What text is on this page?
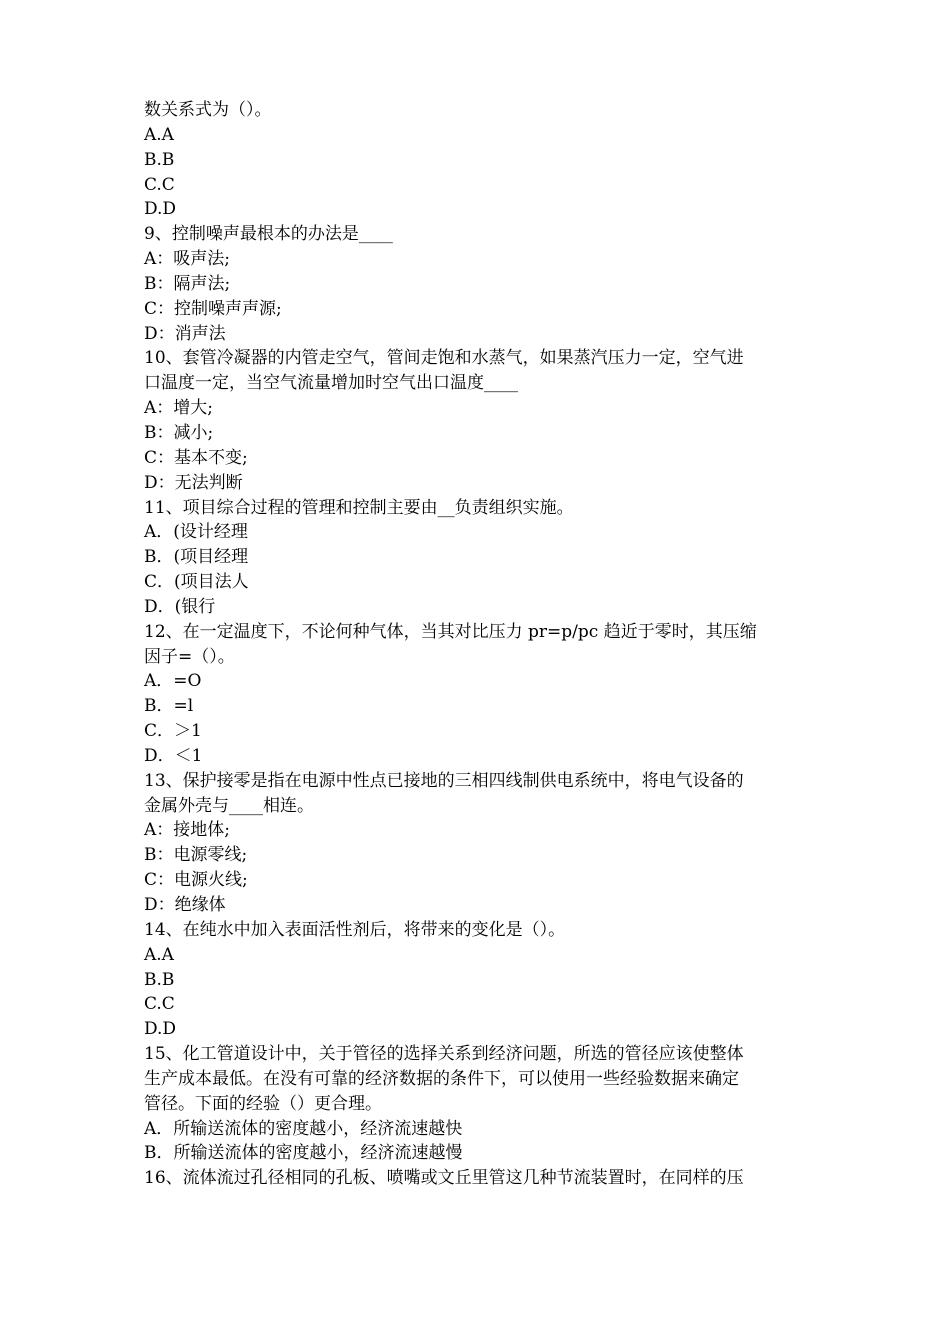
数关系式为（）。
A.A
B.B
C.C
D.D
9、控制噪声最根本的办法是____
A：吸声法;
B：隔声法;
C：控制噪声声源;
D：消声法
10、套管冷凝器的内管走空气，管间走饱和水蒸气，如果蒸汽压力一定，空气进
口温度一定，当空气流量增加时空气出口温度____
A：增大;
B：减小;
C：基本不变;
D：无法判断
11、项目综合过程的管理和控制主要由__负责组织实施。
A．(设计经理
B．(项目经理
C．(项目法人
D．(银行
12、在一定温度下，不论何种气体，当其对比压力 pr=p/pc 趋近于零时，其压缩
因子=（）。
A．=O
B．=l
C．＞1
D．＜1
13、保护接零是指在电源中性点已接地的三相四线制供电系统中，将电气设备的
金属外壳与____相连。
A：接地体;
B：电源零线;
C：电源火线;
D：绝缘体
14、在纯水中加入表面活性剂后，将带来的变化是（）。
A.A
B.B
C.C
D.D
15、化工管道设计中，关于管径的选择关系到经济问题，所选的管径应该使整体
生产成本最低。在没有可靠的经济数据的条件下，可以使用一些经验数据来确定
管径。下面的经验（）更合理。
A．所输送流体的密度越小，经济流速越快
B．所输送流体的密度越小，经济流速越慢
16、流体流过孔径相同的孔板、喷嘴或文丘里管这几种节流装置时，在同样的压
